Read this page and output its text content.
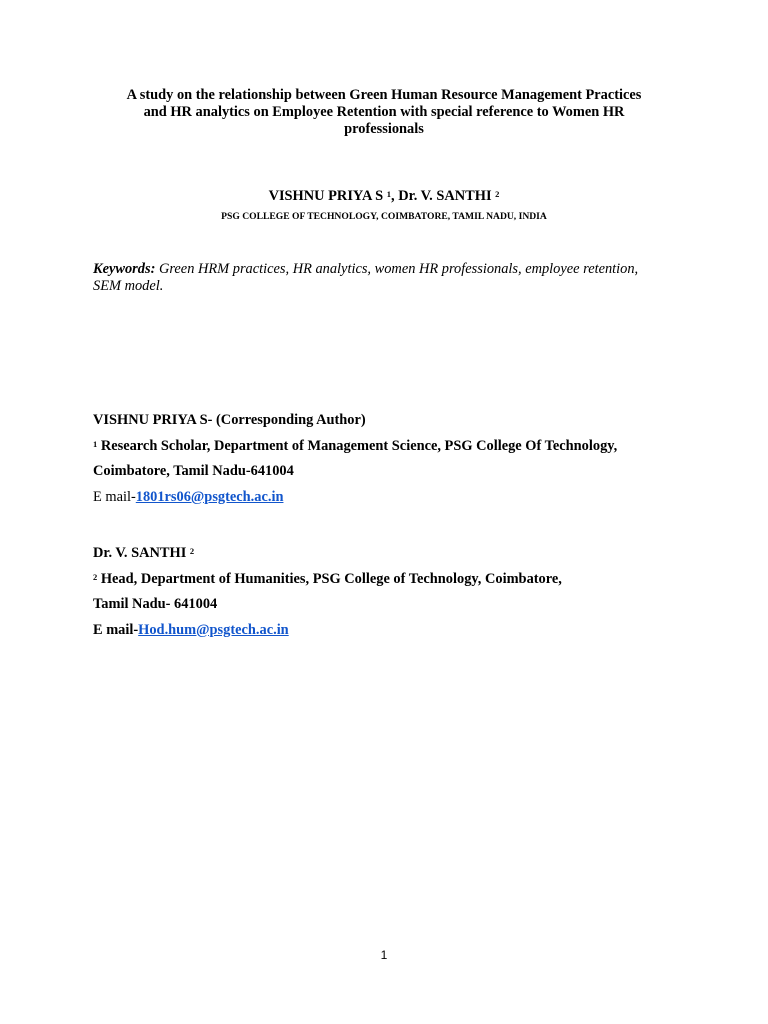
A study on the relationship between Green Human Resource Management Practices
and HR analytics on Employee Retention with special reference to Women HR
professionals
VISHNU PRIYA S $^1$, Dr. V. SANTHI $^2$
PSG COLLEGE OF TECHNOLOGY, COIMBATORE, TAMIL NADU, INDIA
Keywords: Green HRM practices, HR analytics, women HR professionals, employee retention,
SEM model.
VISHNU PRIYA S- (Corresponding Author)
$^1$ Research Scholar, Department of Management Science, PSG College Of Technology,
Coimbatore, Tamil Nadu-641004
E mail-1801rs06@psgtech.ac.in
Dr. V. SANTHI $^2$
$^2$ Head, Department of Humanities, PSG College of Technology, Coimbatore,
Tamil Nadu- 641004
E mail-Hod.hum@psgtech.ac.in
1
